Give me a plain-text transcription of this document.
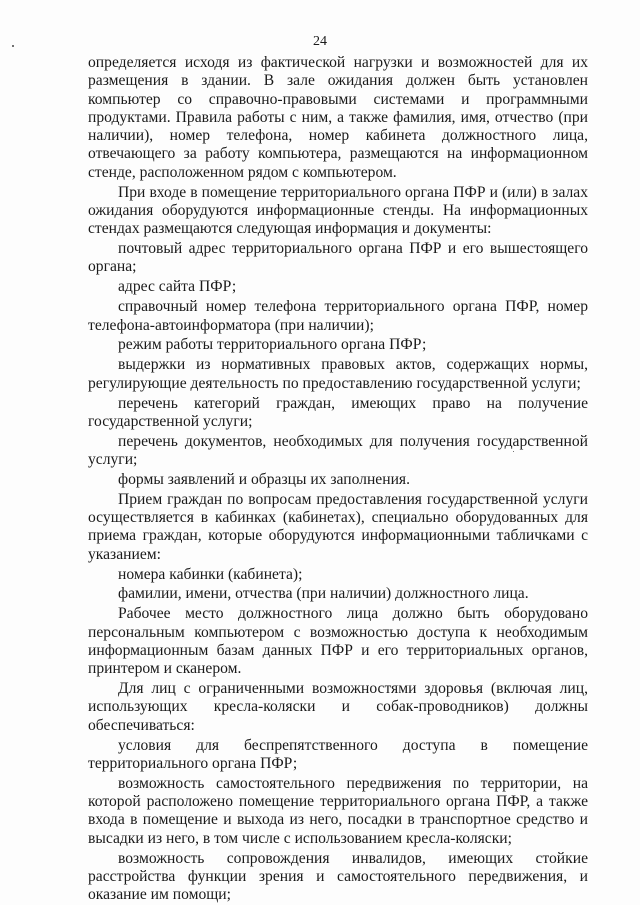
24

определяется исходя из фактической нагрузки и возможностей для их размещения в здании. В зале ожидания должен быть установлен компьютер со справочно-правовыми системами и программными продуктами. Правила работы с ним, а также фамилия, имя, отчество (при наличии), номер телефона, номер кабинета должностного лица, отвечающего за работу компьютера, размещаются на информационном стенде, расположенном рядом с компьютером.

При входе в помещение территориального органа ПФР и (или) в залах ожидания оборудуются информационные стенды. На информационных стендах размещаются следующая информация и документы:

почтовый адрес территориального органа ПФР и его вышестоящего органа;

адрес сайта ПФР;

справочный номер телефона территориального органа ПФР, номер телефона-автоинформатора (при наличии);

режим работы территориального органа ПФР;

выдержки из нормативных правовых актов, содержащих нормы, регулирующие деятельность по предоставлению государственной услуги;

перечень категорий граждан, имеющих право на получение государственной услуги;

перечень документов, необходимых для получения государственной услуги;

формы заявлений и образцы их заполнения.

Прием граждан по вопросам предоставления государственной услуги осуществляется в кабинках (кабинетах), специально оборудованных для приема граждан, которые оборудуются информационными табличками с указанием:

номера кабинки (кабинета);

фамилии, имени, отчества (при наличии) должностного лица.

Рабочее место должностного лица должно быть оборудовано персональным компьютером с возможностью доступа к необходимым информационным базам данных ПФР и его территориальных органов, принтером и сканером.

Для лиц с ограниченными возможностями здоровья (включая лиц, использующих кресла-коляски и собак-проводников) должны обеспечиваться:

условия для беспрепятственного доступа в помещение территориального органа ПФР;

возможность самостоятельного передвижения по территории, на которой расположено помещение территориального органа ПФР, а также входа в помещение и выхода из него, посадки в транспортное средство и высадки из него, в том числе с использованием кресла-коляски;

возможность сопровождения инвалидов, имеющих стойкие расстройства функции зрения и самостоятельного передвижения, и оказание им помощи;
